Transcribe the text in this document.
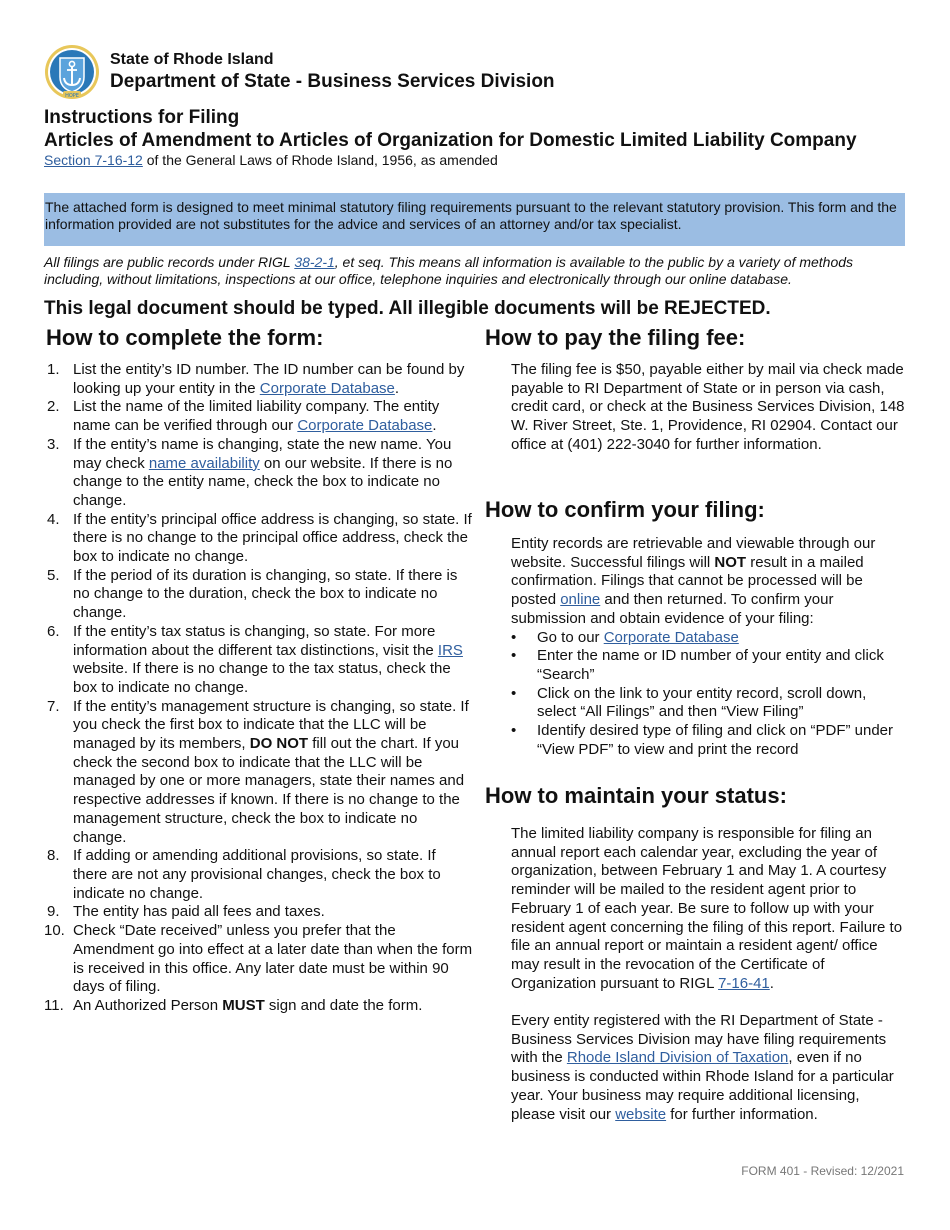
HOPE
State of Rhode Island
Department of State - Business Services Division
Instructions for Filing
Articles of Amendment to Articles of Organization for Domestic Limited Liability Company
Section 7-16-12 of the General Laws of Rhode Island, 1956, as amended
The attached form is designed to meet minimal statutory filing requirements pursuant to the relevant statutory provision. This form and the information provided are not substitutes for the advice and services of an attorney and/or tax specialist.
All filings are public records under RIGL 38-2-1, et seq. This means all information is available to the public by a variety of methods including, without limitations, inspections at our office, telephone inquiries and electronically through our online database.
This legal document should be typed. All illegible documents will be REJECTED.
How to complete the form:
1. List the entity’s ID number. The ID number can be found by looking up your entity in the Corporate Database.
2. List the name of the limited liability company. The entity name can be verified through our Corporate Database.
3. If the entity’s name is changing, state the new name. You may check name availability on our website. If there is no change to the entity name, check the box to indicate no change.
4. If the entity’s principal office address is changing, so state. If there is no change to the principal office address, check the box to indicate no change.
5. If the period of its duration is changing, so state. If there is no change to the duration, check the box to indicate no change.
6. If the entity’s tax status is changing, so state. For more information about the different tax distinctions, visit the IRS website. If there is no change to the tax status, check the box to indicate no change.
7. If the entity’s management structure is changing, so state. If you check the first box to indicate that the LLC will be managed by its members, DO NOT fill out the chart. If you check the second box to indicate that the LLC will be managed by one or more managers, state their names and respective addresses if known. If there is no change to the management structure, check the box to indicate no change.
8. If adding or amending additional provisions, so state. If there are not any provisional changes, check the box to indicate no change.
9. The entity has paid all fees and taxes.
10. Check “Date received” unless you prefer that the Amendment go into effect at a later date than when the form is received in this office. Any later date must be within 90 days of filing.
11. An Authorized Person MUST sign and date the form.
How to pay the filing fee:
The filing fee is $50, payable either by mail via check made payable to RI Department of State or in person via cash, credit card, or check at the Business Services Division, 148 W. River Street, Ste. 1, Providence, RI 02904. Contact our office at (401) 222-3040 for further information.
How to confirm your filing:
Entity records are retrievable and viewable through our website. Successful filings will NOT result in a mailed confirmation. Filings that cannot be processed will be posted online and then returned. To confirm your submission and obtain evidence of your filing:
• Go to our Corporate Database
• Enter the name or ID number of your entity and click “Search”
• Click on the link to your entity record, scroll down, select “All Filings” and then “View Filing”
• Identify desired type of filing and click on “PDF” under “View PDF” to view and print the record
How to maintain your status:
The limited liability company is responsible for filing an annual report each calendar year, excluding the year of organization, between February 1 and May 1. A courtesy reminder will be mailed to the resident agent prior to February 1 of each year. Be sure to follow up with your resident agent concerning the filing of this report. Failure to file an annual report or maintain a resident agent/ office may result in the revocation of the Certificate of Organization pursuant to RIGL 7-16-41.
Every entity registered with the RI Department of State - Business Services Division may have filing requirements with the Rhode Island Division of Taxation, even if no business is conducted within Rhode Island for a particular year. Your business may require additional licensing, please visit our website for further information.
FORM 401 - Revised: 12/2021
